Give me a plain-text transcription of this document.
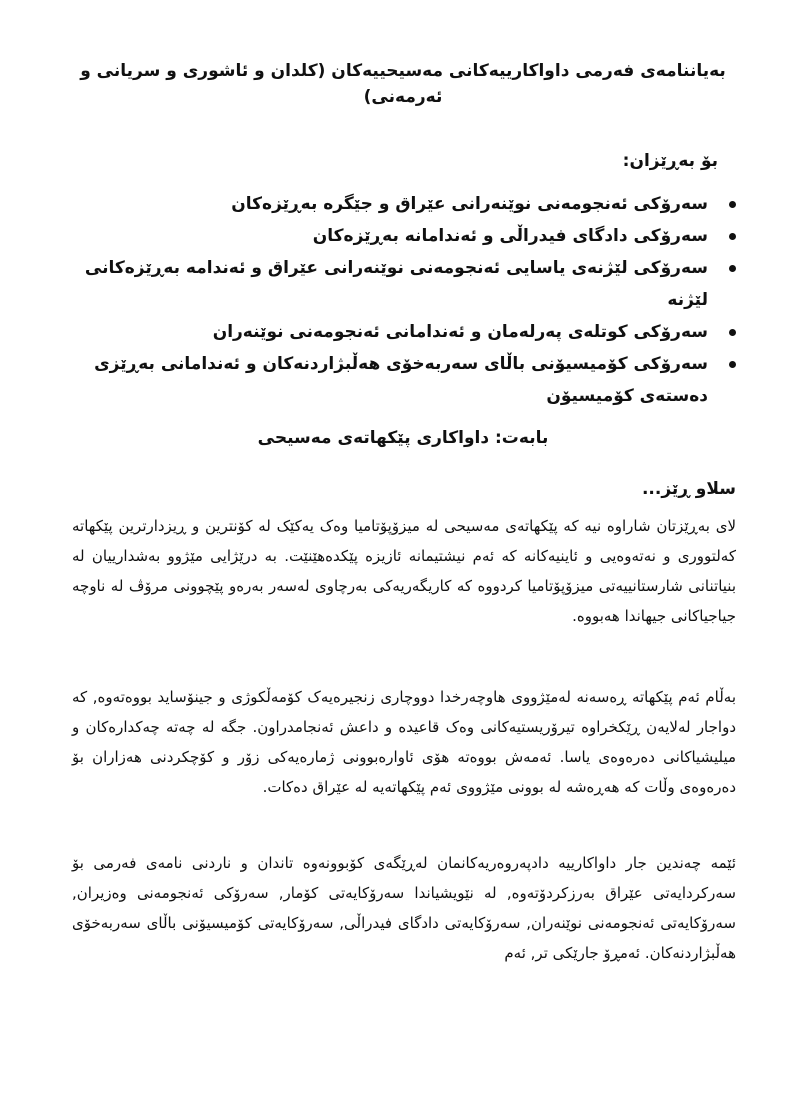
بەیاننامەی فەرمی داواکارییەکانی مەسیحییەکان (کلدان و ئاشوری و سریانی و ئەرمەنی)

بۆ بەڕێزان:

سەرۆکی ئەنجومەنی نوێنەرانی عێراق و جێگرە بەڕێزەکان
سەرۆکی دادگای فیدراڵی و ئەندامانە بەڕێزەکان
سەرۆکی لێژنەی یاسایی ئەنجومەنی نوێنەرانی عێراق و ئەندامە بەڕێزەکانی لێژنە
سەرۆکی کوتلەی پەرلەمان و ئەندامانی ئەنجومەنی نوێنەران
سەرۆکی کۆمیسیۆنی باڵای سەربەخۆی هەڵبژاردنەکان و ئەندامانی بەڕێزی دەستەی کۆمیسیۆن

بابەت: داواکاری پێکهاتەی مەسیحی

سلاو ڕێز...

لای بەڕێزتان شاراوە نیە کە پێکهاتەی مەسیحی لە میزۆپۆتامیا وەک یەکێک لە کۆنترین و ڕیزدارترین پێکهاتە کەلتووری و نەتەوەیی و ئاینیەکانە کە ئەم نیشتیمانە ئازیزە پێکدەهێنێت. بە درێژایی مێژوو بەشدارییان لە بنیاتنانی شارستانییەتی میزۆپۆتامیا کردووە کە کاریگەریەکی بەرچاوی لەسەر بەرەو پێچوونی مرۆڤ لە ناوچە جیاجیاکانی جیهاندا هەبووە.

بەڵام ئەم پێکهاتە ڕەسەنە لەمێژووی هاوچەرخدا دووچاری زنجیرەیەک کۆمەڵکوژی و جینۆساید بووەتەوە, کە دواجار لەلایەن ڕێکخراوە تیرۆریستیەکانی وەک قاعیدە و داعش ئەنجامدراون. جگە لە چەتە چەکدارەکان و میلیشیاکانی دەرەوەی یاسا. ئەمەش بووەتە هۆی ئاوارەبوونی ژمارەیەکی زۆر و کۆچکردنی هەزاران بۆ دەرەوەی وڵات کە هەڕەشە لە بوونی مێژووی ئەم پێکهاتەیە لە عێراق دەکات.

ئێمە چەندین جار داواکارییە دادپەروەریەکانمان لەڕێگەی کۆبوونەوە تاندان و ناردنی نامەی فەرمی بۆ سەرکردایەتی عێراق بەرزکردۆتەوە, لە نێویشیاندا سەرۆکایەتی کۆمار, سەرۆکی ئەنجومەنی وەزیران, سەرۆکایەتی ئەنجومەنی نوێنەران, سەرۆکایەتی دادگای فیدراڵی, سەرۆکایەتی کۆمیسیۆنی باڵای سەربەخۆی هەڵبژاردنەکان. ئەمڕۆ جارێکی تر, ئەم
